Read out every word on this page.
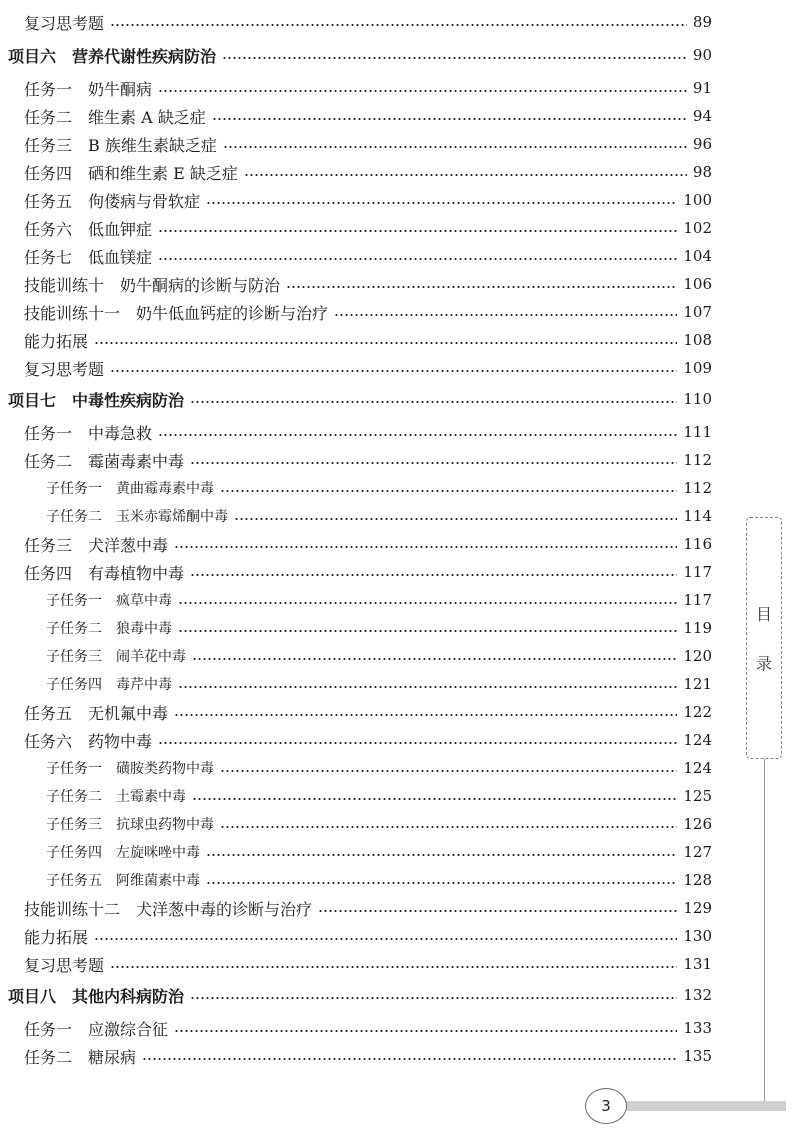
复习思考题	89
项目六　营养代谢性疾病防治	90
任务一　奶牛酮病	91
任务二　维生素 A 缺乏症	94
任务三　B 族维生素缺乏症	96
任务四　硒和维生素 E 缺乏症	98
任务五　佝偻病与骨软症	100
任务六　低血钾症	102
任务七　低血镁症	104
技能训练十　奶牛酮病的诊断与防治	106
技能训练十一　奶牛低血钙症的诊断与治疗	107
能力拓展	108
复习思考题	109
项目七　中毒性疾病防治	110
任务一　中毒急救	111
任务二　霉菌毒素中毒	112
子任务一　黄曲霉毒素中毒	112
子任务二　玉米赤霉烯酮中毒	114
任务三　犬洋葱中毒	116
任务四　有毒植物中毒	117
子任务一　疯草中毒	117
子任务二　狼毒中毒	119
子任务三　闹羊花中毒	120
子任务四　毒芹中毒	121
任务五　无机氟中毒	122
任务六　药物中毒	124
子任务一　磺胺类药物中毒	124
子任务二　土霉素中毒	125
子任务三　抗球虫药物中毒	126
子任务四　左旋咪唑中毒	127
子任务五　阿维菌素中毒	128
技能训练十二　犬洋葱中毒的诊断与治疗	129
能力拓展	130
复习思考题	131
项目八　其他内科病防治	132
任务一　应激综合征	133
任务二　糖尿病	135
目
录
3
